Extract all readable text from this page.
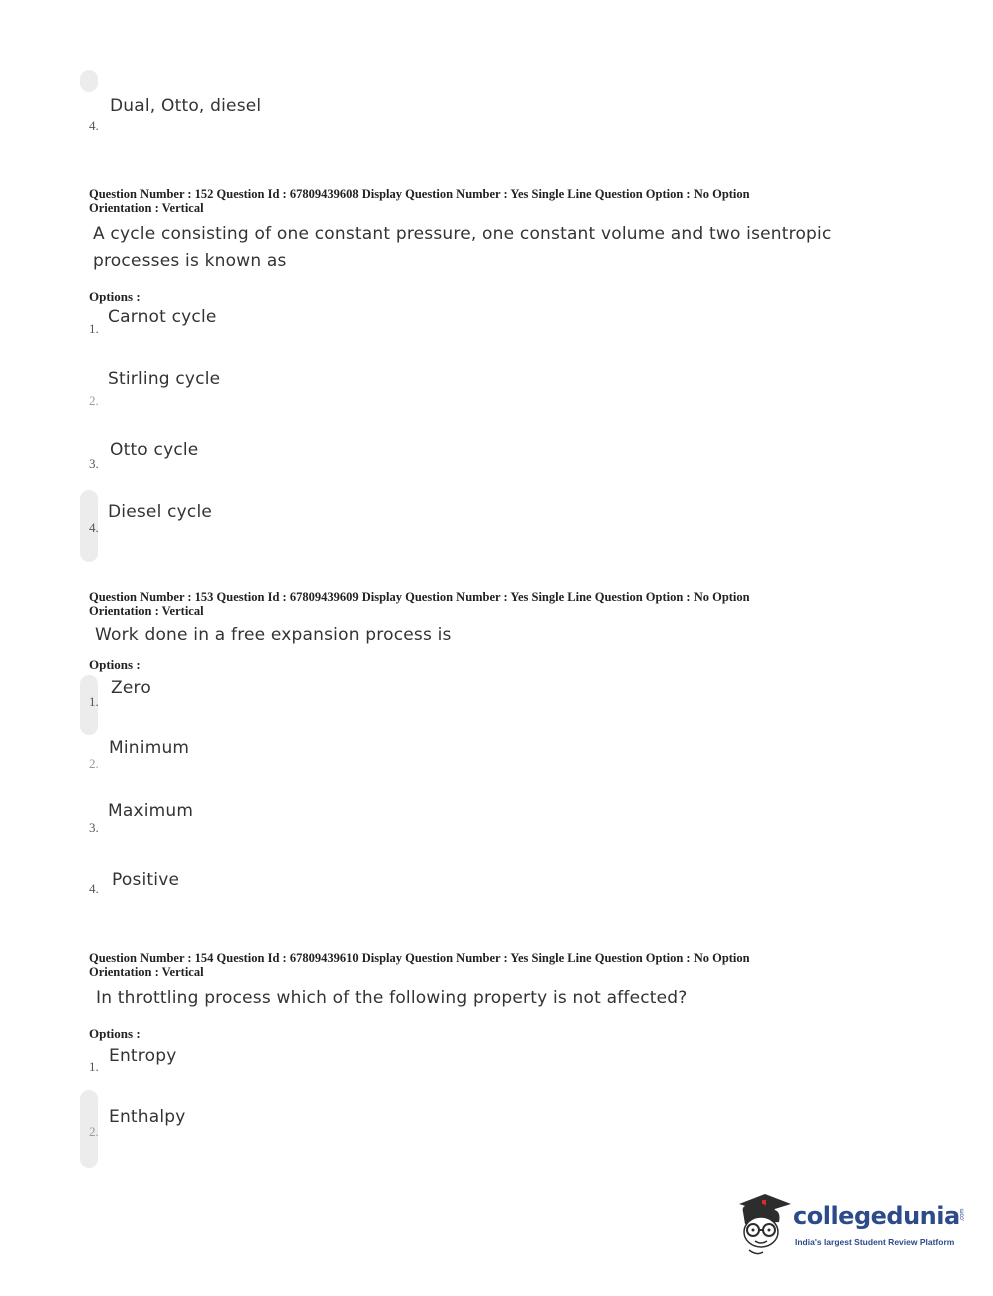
Dual, Otto, diesel
4.
Question Number : 152 Question Id : 67809439608 Display Question Number : Yes Single Line Question Option : No Option
Orientation : Vertical
A cycle consisting of one constant pressure, one constant volume and two isentropic
processes is known as
Options :
Carnot cycle
1.
Stirling cycle
2.
Otto cycle
3.
Diesel cycle
4.
Question Number : 153 Question Id : 67809439609 Display Question Number : Yes Single Line Question Option : No Option
Orientation : Vertical
Work done in a free expansion process is
Options :
Zero
1.
Minimum
2.
Maximum
3.
Positive
4.
Question Number : 154 Question Id : 67809439610 Display Question Number : Yes Single Line Question Option : No Option
Orientation : Vertical
In throttling process which of the following property is not affected?
Options :
Entropy
1.
Enthalpy
2.
collegedunia .com
India's largest Student Review Platform
